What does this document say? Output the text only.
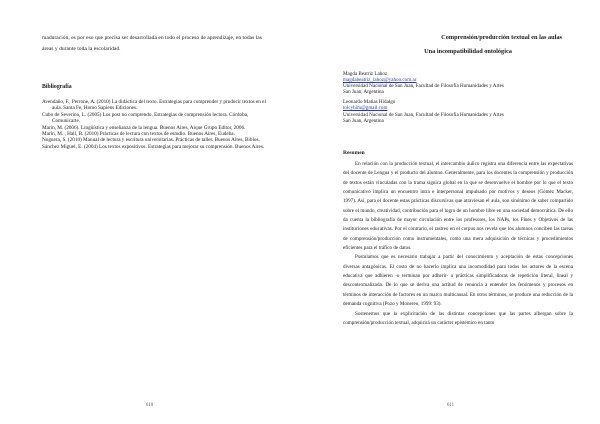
maduración, es por eso que precisa ser desarrollada en todo el proceso de aprendizaje, en todas las áreas y durante toda la escolaridad.

Bibliografía

Avendaño, F., Perrone, A. (2010) La didáctica del texto. Estrategias para comprender y producir textos en el aula. Santa Fe, Homo Sapiens Ediciones.
Cubo de Severino, L. (2005) Los post no comprendo. Estrategias de comprensión lectora. Córdoba, Comunicarte.
Marín, M. (2006). Lingüística y enseñanza de la lengua. Buenos Aires, Aique Grupo Editor, 2006.
Marín, M. , Hall, B. (2010) Prácticas de lectura con textos de estudio. Buenos Aires, Eudeba.
Noguera, S. (2010) Manual de lectura y escritura universitarias. Prácticas de taller. Buenos Aires, Biblos.
Sánchez Miguel, E. (2004) Los textos expositivos. Estrategias para mejorar su comprensión. Buenos Aires.
610
Comprensión/producción textual en las aulas
Una incompatibilidad ontológica
Magda Beatriz Lahoz
magdabeatriz_lahoz@yahoo.com.ar
Universidad Nacional de San Juan, Facultad de Filosofía Humanidades y Artes
San Juan, Argentina
Leonardo Matias Hidalgo
tolcyhim@gmail.com
Universidad Nacional de San Juan, Facultad de Filosofía Humanidades y Artes
San Juan, Argentina

Resumen

En relación con la producción textual, el intercambio áulico registra una diferencia entre las expectativas del docente de Lengua y el producto del alumno. Generalmente, para los docentes la comprensión y producción de textos están vinculadas con la trama sígnica global en la que se desenvuelve el hombre por lo que el texto comunicativo implica un encuentro intra e interpersonal impulsado por motivos y deseos (Gómez Macker, 1997). Así, para el docente estas prácticas discursivas que atraviesan el aula, son sinónimo de saber compartido sobre el mundo, creatividad, contribución para el logro de un hombre libre en una sociedad democrática. De ello da cuenta la bibliografía de mayor circulación entre los profesores, los NAPs, los Fines y Objetivos de las instituciones educativas. Por el contrario, el rastreo en el corpus nos revela que los alumnos conciben las tareas de comprensión/producción como instrumentales, como una mera adquisición de técnicas y procedimientos eficientes para el tráfico de datos.

Postulamos que es necesario trabajar a partir del conocimiento y aceptación de estas concepciones diversas antagónicas. El costo de no hacerlo implica una incomodidad para todos los actores de la escena educativa que adhieren -o terminan por adherir- a prácticas simplificadoras de repetición literal, lineal y descontextualizada. De lo que se deriva una actitud de renuncia a entender los fenómenos y procesos en términos de interacción de factores en un marco multicausal. En otros términos, se produce una reducción de la demanda cognitiva (Pozo y Monereo, 1999: 93).

Sostenemos que la explicitación de las distintas concepciones que las partes albergan sobre la comprensión/producción textual, adquirirá un carácter epistémico en tanto

611
